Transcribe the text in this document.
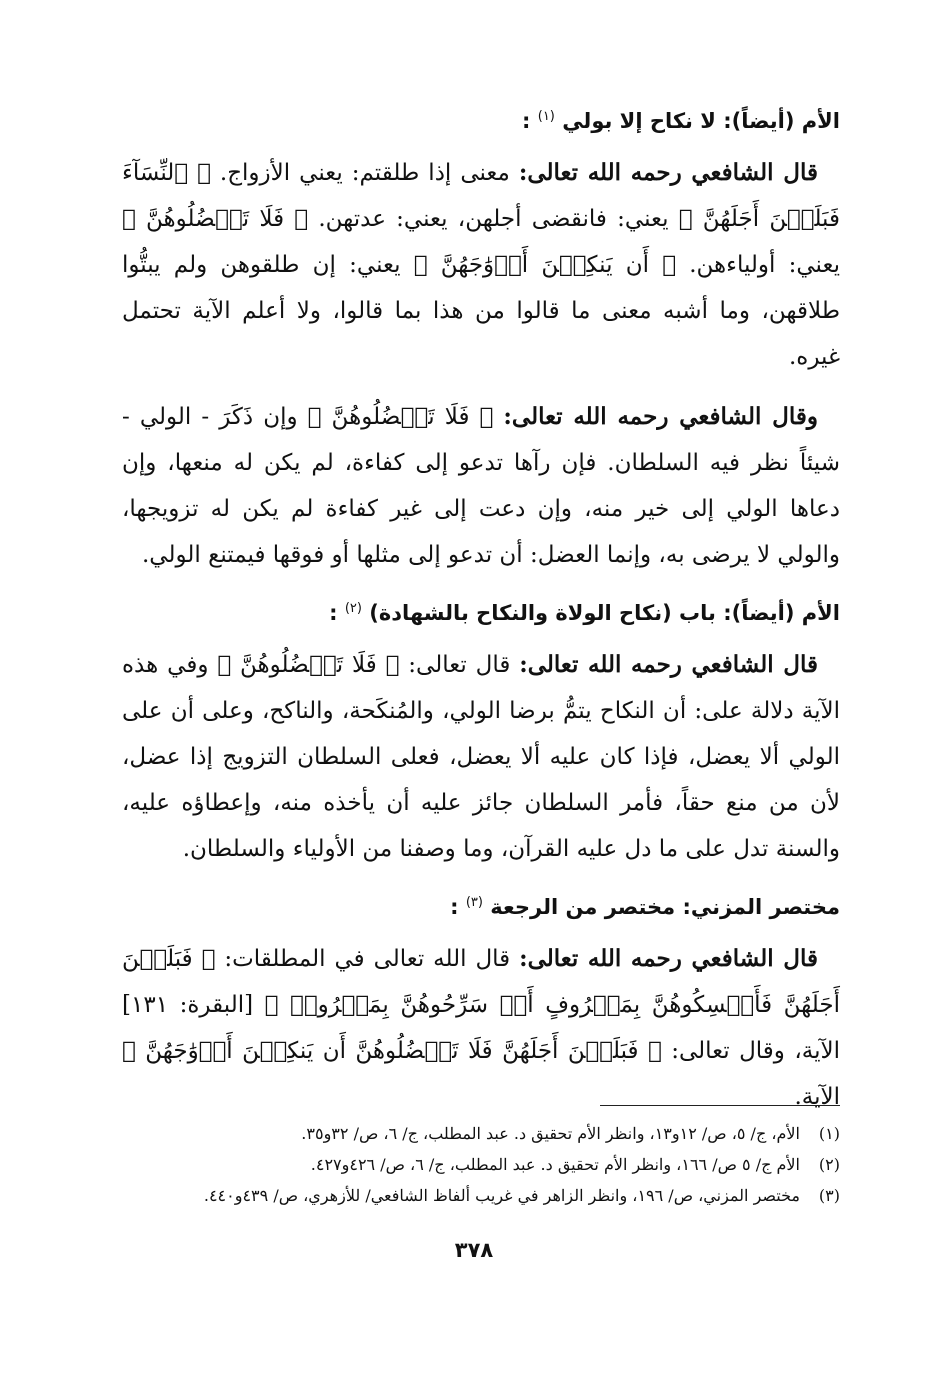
الأم (أيضاً): لا نكاح إلا بولي $^{(١)}$ :

قال الشافعي رحمه الله تعالى: معنى إذا طلقتم: يعني الأزواج. ﴿ ٱلنِّسَآءَ فَبَلَغۡنَ أَجَلَهُنَّ ﴾ يعني: فانقضى أجلهن، يعني: عدتهن. ﴿ فَلَا تَعۡضُلُوهُنَّ ﴾ يعني: أولياءهن. ﴿ أَن يَنكِحۡنَ أَزۡوَٰجَهُنَّ ﴾ يعني: إن طلقوهن ولم يبتُّوا طلاقهن، وما أشبه معنى ما قالوا من هذا بما قالوا، ولا أعلم الآية تحتمل غيره.

وقال الشافعي رحمه الله تعالى: ﴿ فَلَا تَعۡضُلُوهُنَّ ﴾ وإن ذَكَرَ - الولي - شيئاً نظر فيه السلطان. فإن رآها تدعو إلى كفاءة، لم يكن له منعها، وإن دعاها الولي إلى خير منه، وإن دعت إلى غير كفاءة لم يكن له تزويجها، والولي لا يرضى به، وإنما العضل: أن تدعو إلى مثلها أو فوقها فيمتنع الولي.

الأم (أيضاً): باب (نكاح الولاة والنكاح بالشهادة) $^{(٢)}$ :

قال الشافعي رحمه الله تعالى: قال تعالى: ﴿ فَلَا تَعۡضُلُوهُنَّ ﴾ وفي هذه الآية دلالة على: أن النكاح يتمُّ برضا الولي، والمُنكَحة، والناكح، وعلى أن على الولي ألا يعضل، فإذا كان عليه ألا يعضل، فعلى السلطان التزويج إذا عضل، لأن من منع حقاً، فأمر السلطان جائز عليه أن يأخذه منه، وإعطاؤه عليه، والسنة تدل على ما دل عليه القرآن، وما وصفنا من الأولياء والسلطان.

مختصر المزني: مختصر من الرجعة $^{(٣)}$ :

قال الشافعي رحمه الله تعالى: قال الله تعالى في المطلقات: ﴿ فَبَلَغۡنَ أَجَلَهُنَّ فَأَمۡسِكُوهُنَّ بِمَعۡرُوفٍ أَوۡ سَرِّحُوهُنَّ بِمَعۡرُوفٖ ﴾ [البقرة: ١٣١] الآية، وقال تعالى: ﴿ فَبَلَغۡنَ أَجَلَهُنَّ فَلَا تَعۡضُلُوهُنَّ أَن يَنكِحۡنَ أَزۡوَٰجَهُنَّ ﴾ الآية.

(١)
الأم، ج/ ٥، ص/ ١٢و١٣، وانظر الأم تحقيق د. عبد المطلب، ج/ ٦، ص/ ٣٢و٣٥.
(٢)
الأم ج/ ٥ ص/ ١٦٦، وانظر الأم تحقيق د. عبد المطلب، ج/ ٦، ص/ ٤٢٦و٤٢٧.
(٣)
مختصر المزني، ص/ ١٩٦، وانظر الزاهر في غريب ألفاظ الشافعي/ للأزهري، ص/ ٤٣٩و٤٤٠.
٣٧٨
